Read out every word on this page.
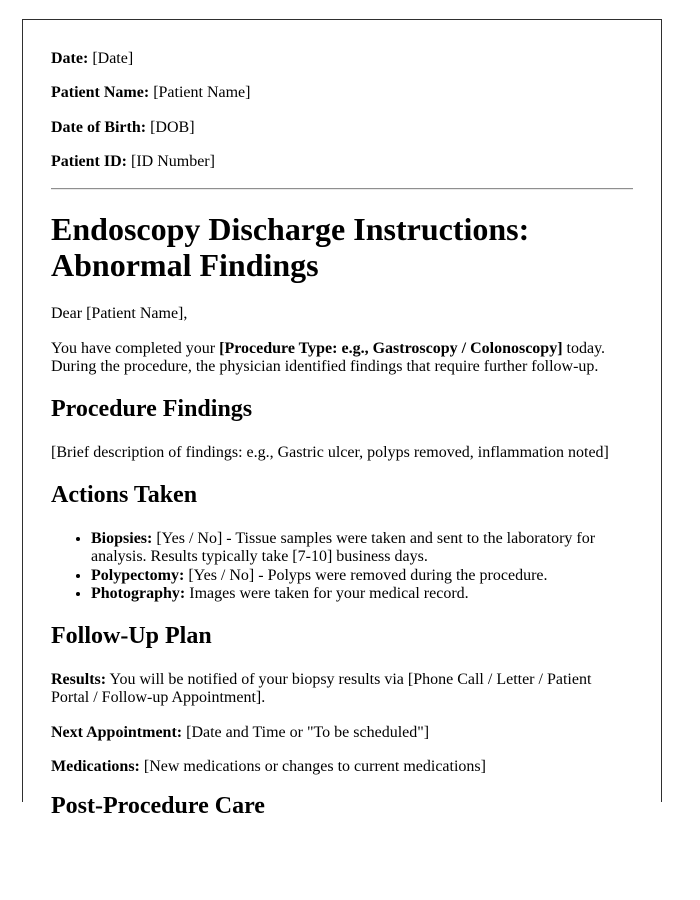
Date: [Date]

Patient Name: [Patient Name]

Date of Birth: [DOB]

Patient ID: [ID Number]

Endoscopy Discharge Instructions: Abnormal Findings

Dear [Patient Name],

You have completed your [Procedure Type: e.g., Gastroscopy / Colonoscopy] today. During the procedure, the physician identified findings that require further follow-up.

Procedure Findings

[Brief description of findings: e.g., Gastric ulcer, polyps removed, inflammation noted]

Actions Taken
• Biopsies: [Yes / No] - Tissue samples were taken and sent to the laboratory for analysis. Results typically take [7-10] business days.
• Polypectomy: [Yes / No] - Polyps were removed during the procedure.
• Photography: Images were taken for your medical record.
Follow-Up Plan

Results: You will be notified of your biopsy results via [Phone Call / Letter / Patient Portal / Follow-up Appointment].

Next Appointment: [Date and Time or "To be scheduled"]

Medications: [New medications or changes to current medications]

Post-Procedure Care
